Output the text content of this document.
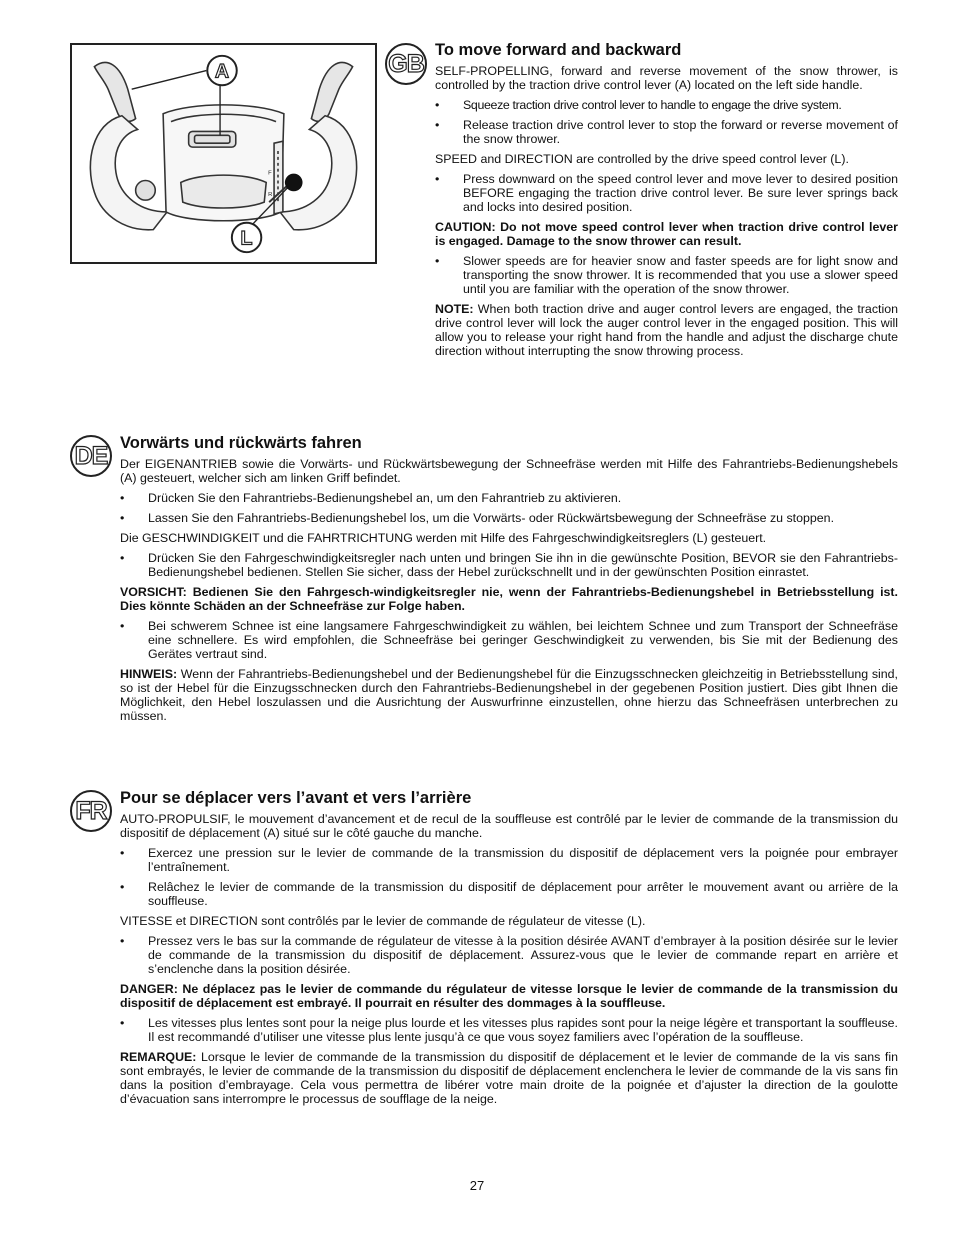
F
R
A
L
GB To move forward and backward

SELF-PROPELLING, forward and reverse movement of the snow thrower, is controlled by the traction drive control lever (A) located on the left side handle.

• Squeeze traction drive control lever to handle to engage the drive system.
• Release traction drive control lever to stop the forward or reverse movement of the snow thrower.

SPEED and DIRECTION are controlled by the drive speed control lever (L).

• Press downward on the speed control lever and move lever to desired position BEFORE engaging the traction drive control lever. Be sure lever springs back and locks into desired position.

CAUTION: Do not move speed control lever when traction drive control lever is engaged. Damage to the snow thrower can result.

• Slower speeds are for heavier snow and faster speeds are for light snow and transporting the snow thrower. It is recommended that you use a slower speed until you are familiar with the operation of the snow thrower.

NOTE: When both traction drive and auger control levers are engaged, the traction drive control lever will lock the auger control lever in the engaged position. This will allow you to release your right hand from the handle and adjust the discharge chute direction without interrupting the snow throwing process.

DE Vorwärts und rückwärts fahren

Der EIGENANTRIEB sowie die Vorwärts- und Rückwärtsbewegung der Schneefräse werden mit Hilfe des Fahrantriebs-Bedienungshebels (A) gesteuert, welcher sich am linken Griff befindet.

• Drücken Sie den Fahrantriebs-Bedienungshebel an, um den Fahrantrieb zu aktivieren.
• Lassen Sie den Fahrantriebs-Bedienungshebel los, um die Vorwärts- oder Rückwärtsbewegung der Schneefräse zu stoppen.

Die GESCHWINDIGKEIT und die FAHRTRICHTUNG werden mit Hilfe des Fahrgeschwindigkeitsreglers (L) gesteuert.

• Drücken Sie den Fahrgeschwindigkeitsregler nach unten und bringen Sie ihn in die gewünschte Position, BEVOR sie den Fahrantriebs-Bedienungshebel bedienen. Stellen Sie sicher, dass der Hebel zurückschnellt und in der gewünschten Position einrastet.

VORSICHT: Bedienen Sie den Fahrgesch-windigkeitsregler nie, wenn der Fahrantriebs-Bedienungshebel in Betriebsstellung ist. Dies könnte Schäden an der Schneefräse zur Folge haben.

• Bei schwerem Schnee ist eine langsamere Fahrgeschwindigkeit zu wählen, bei leichtem Schnee und zum Transport der Schneefräse eine schnellere. Es wird empfohlen, die Schneefräse bei geringer Geschwindigkeit zu verwenden, bis Sie mit der Bedienung des Gerätes vertraut sind.

HINWEIS: Wenn der Fahrantriebs-Bedienungshebel und der Bedienungshebel für die Einzugsschnecken gleichzeitig in Betriebsstellung sind, so ist der Hebel für die Einzugsschnecken durch den Fahrantriebs-Bedienungshebel in der gegebenen Position justiert. Dies gibt Ihnen die Möglichkeit, den Hebel loszulassen und die Ausrichtung der Auswurfrinne einzustellen, ohne hierzu das Schneefräsen unterbrechen zu müssen.

FR Pour se déplacer vers l’avant et vers l’arrière

AUTO-PROPULSIF, le mouvement d’avancement et de recul de la souffleuse est contrôlé par le levier de commande de la transmission du dispositif de déplacement (A) situé sur le côté gauche du manche.

• Exercez une pression sur le levier de commande de la transmission du dispositif de déplacement vers la poignée pour embrayer l’entraînement.
• Relâchez le levier de commande de la transmission du dispositif de déplacement pour arrêter le mouvement avant ou arrière de la souffleuse.

VITESSE et DIRECTION sont contrôlés par le levier de commande de régulateur de vitesse (L).

• Pressez vers le bas sur la commande de régulateur de vitesse à la position désirée AVANT d’embrayer à la position désirée sur le levier de commande de la transmission du dispositif de déplacement. Assurez-vous que le levier de commande repart en arrière et s’enclenche dans la position désirée.

DANGER: Ne déplacez pas le levier de commande du régulateur de vitesse lorsque le levier de commande de la transmission du dispositif de déplacement est embrayé. Il pourrait en résulter des dommages à la souffleuse.

• Les vitesses plus lentes sont pour la neige plus lourde et les vitesses plus rapides sont pour la neige légère et transportant la souffleuse. Il est recommandé d’utiliser une vitesse plus lente jusqu’à ce que vous soyez familiers avec l’opération de la souffleuse.

REMARQUE: Lorsque le levier de commande de la transmission du dispositif de déplacement et le levier de commande de la vis sans fin sont embrayés, le levier de commande de la transmission du dispositif de déplacement enclenchera le levier de commande de la vis sans fin dans la position d’embrayage. Cela vous permettra de libérer votre main droite de la poignée et d’ajuster la direction de la goulotte d’évacuation sans interrompre le processus de soufflage de la neige.

27
